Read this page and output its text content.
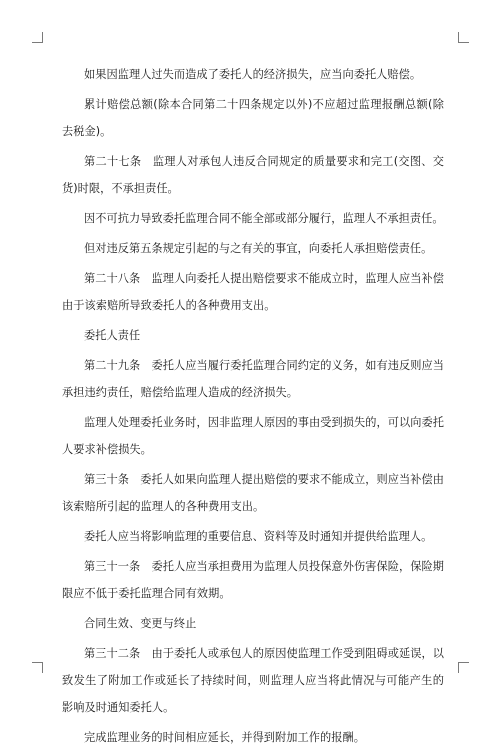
如果因监理人过失而造成了委托人的经济损失，应当向委托人赔偿。

累计赔偿总额(除本合同第二十四条规定以外)不应超过监理报酬总额(除去税金)。

第二十七条　监理人对承包人违反合同规定的质量要求和完工(交图、交货)时限，不承担责任。

因不可抗力导致委托监理合同不能全部或部分履行，监理人不承担责任。

但对违反第五条规定引起的与之有关的事宜，向委托人承担赔偿责任。

第二十八条　监理人向委托人提出赔偿要求不能成立时，监理人应当补偿由于该索赔所导致委托人的各种费用支出。

委托人责任

第二十九条　委托人应当履行委托监理合同约定的义务，如有违反则应当承担违约责任，赔偿给监理人造成的经济损失。

监理人处理委托业务时，因非监理人原因的事由受到损失的，可以向委托人要求补偿损失。

第三十条　委托人如果向监理人提出赔偿的要求不能成立，则应当补偿由该索赔所引起的监理人的各种费用支出。

委托人应当将影响监理的重要信息、资料等及时通知并提供给监理人。

第三十一条　委托人应当承担费用为监理人员投保意外伤害保险，保险期限应不低于委托监理合同有效期。

合同生效、变更与终止

第三十二条　由于委托人或承包人的原因使监理工作受到阻碍或延误，以致发生了附加工作或延长了持续时间，则监理人应当将此情况与可能产生的影响及时通知委托人。

完成监理业务的时间相应延长，并得到附加工作的报酬。
